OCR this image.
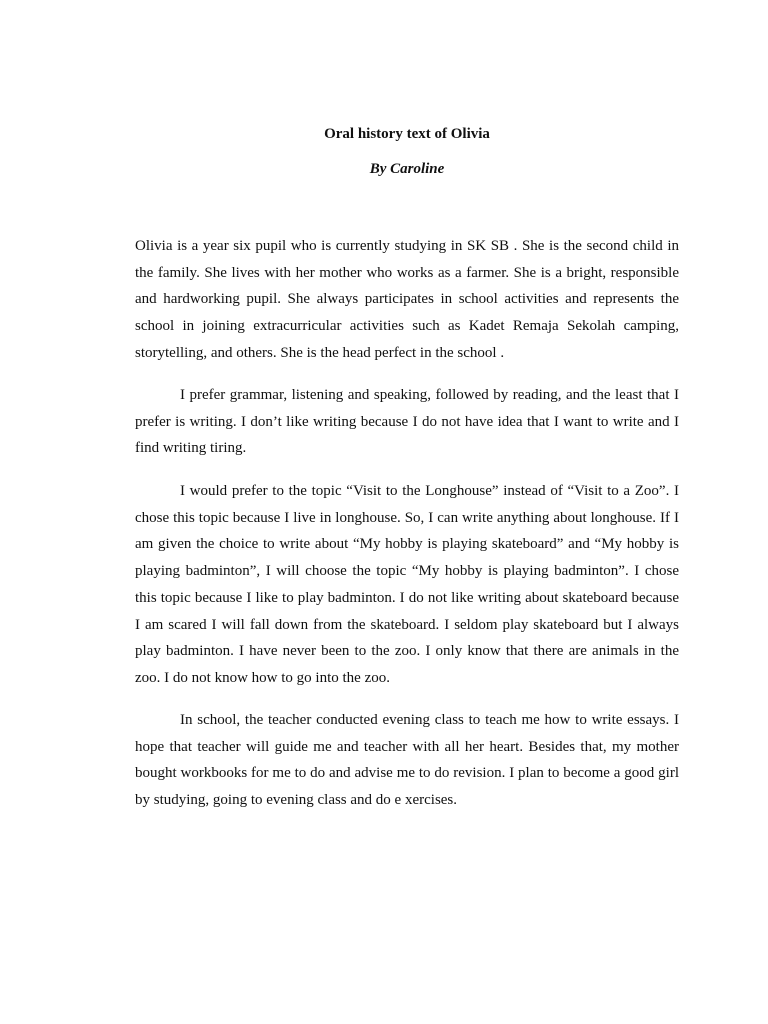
Oral history text of Olivia

By Caroline

Olivia is a year six pupil who is currently studying in SK SB . She is the second child in the family. She lives with her mother who works as a farmer. She is a bright, responsible and hardworking pupil. She always participates in school activities and represents the school in joining extracurricular activities such as Kadet Remaja Sekolah camping, storytelling, and others. She is the head perfect in the school .

I prefer grammar, listening and speaking, followed by reading, and the least that I prefer is writing. I don’t like writing because I do not have idea that I want to write and I find writing tiring.

I would prefer to the topic “Visit to the Longhouse” instead of “Visit to a Zoo”. I chose this topic because I live in longhouse. So, I can write anything about longhouse. If I am given the choice to write about “My hobby is playing skateboard” and “My hobby is playing badminton”, I will choose the topic “My hobby is playing badminton”. I chose this topic because I like to play badminton. I do not like writing about skateboard because I am scared I will fall down from the skateboard. I seldom play skateboard but I always play badminton. I have never been to the zoo. I only know that there are animals in the zoo. I do not know how to go into the zoo.

In school, the teacher conducted evening class to teach me how to write essays. I hope that teacher will guide me and teacher with all her heart. Besides that, my mother bought workbooks for me to do and advise me to do revision. I plan to become a good girl by studying, going to evening class and do e xercises.
